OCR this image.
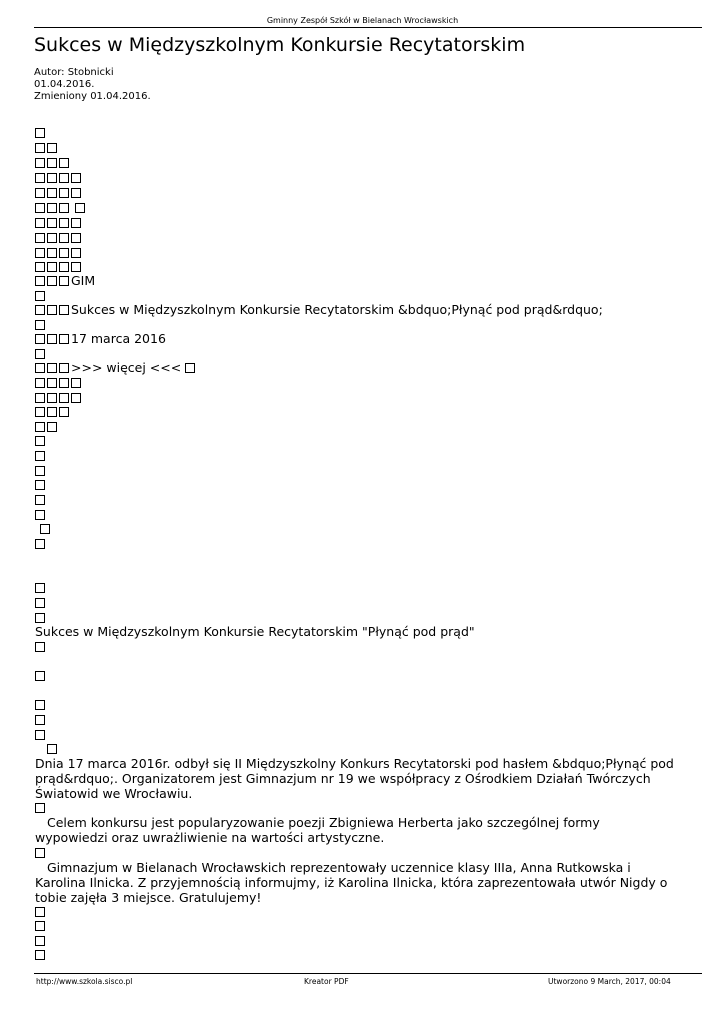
Gminny Zespół Szkół w Bielanach Wrocławskich
Sukces w Międzyszkolnym Konkursie Recytatorskim
Autor: Stobnicki
01.04.2016.
Zmieniony 01.04.2016.

GIM
Sukces w Międzyszkolnym Konkursie Recytatorskim &bdquo;Płynąć pod prąd&rdquo;
17 marca 2016
>>> więcej <<<
Sukces w Międzyszkolnym Konkursie Recytatorskim "Płynąć pod prąd"
Dnia 17 marca 2016r. odbył się II Międzyszkolny Konkurs Recytatorski pod hasłem &bdquo;Płynąć pod prąd&rdquo;. Organizatorem jest Gimnazjum nr 19 we współpracy z Ośrodkiem Działań Twórczych Światowid we Wrocławiu.
Celem konkursu jest popularyzowanie poezji Zbigniewa Herberta jako szczególnej formy wypowiedzi oraz uwrażliwienie na wartości artystyczne.
Gimnazjum w Bielanach Wrocławskich reprezentowały uczennice klasy IIIa, Anna Rutkowska i Karolina Ilnicka. Z przyjemnością informujmy, iż Karolina Ilnicka, która zaprezentowała utwór Nigdy o tobie zajęła 3 miejsce. Gratulujemy!
http://www.szkola.sisco.pl	Kreator PDF	Utworzono 9 March, 2017, 00:04
